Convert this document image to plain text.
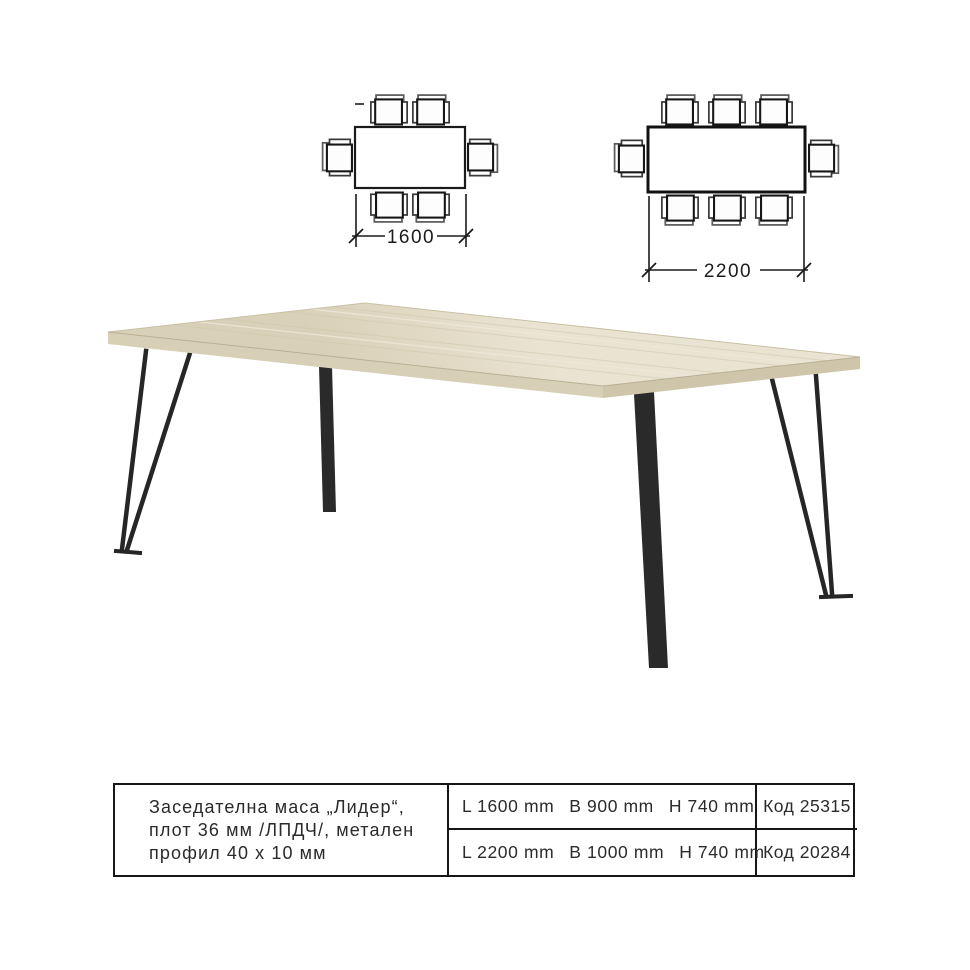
1600
2200
Заседателна маса „Лидер“,
плот 36 мм /ЛПДЧ/, метален
профил 40 x 10 мм
L 1600 mm B 900 mm H 740 mm Код 25315
L 2200 mm B 1000 mm H 740 mm
Код 20284
